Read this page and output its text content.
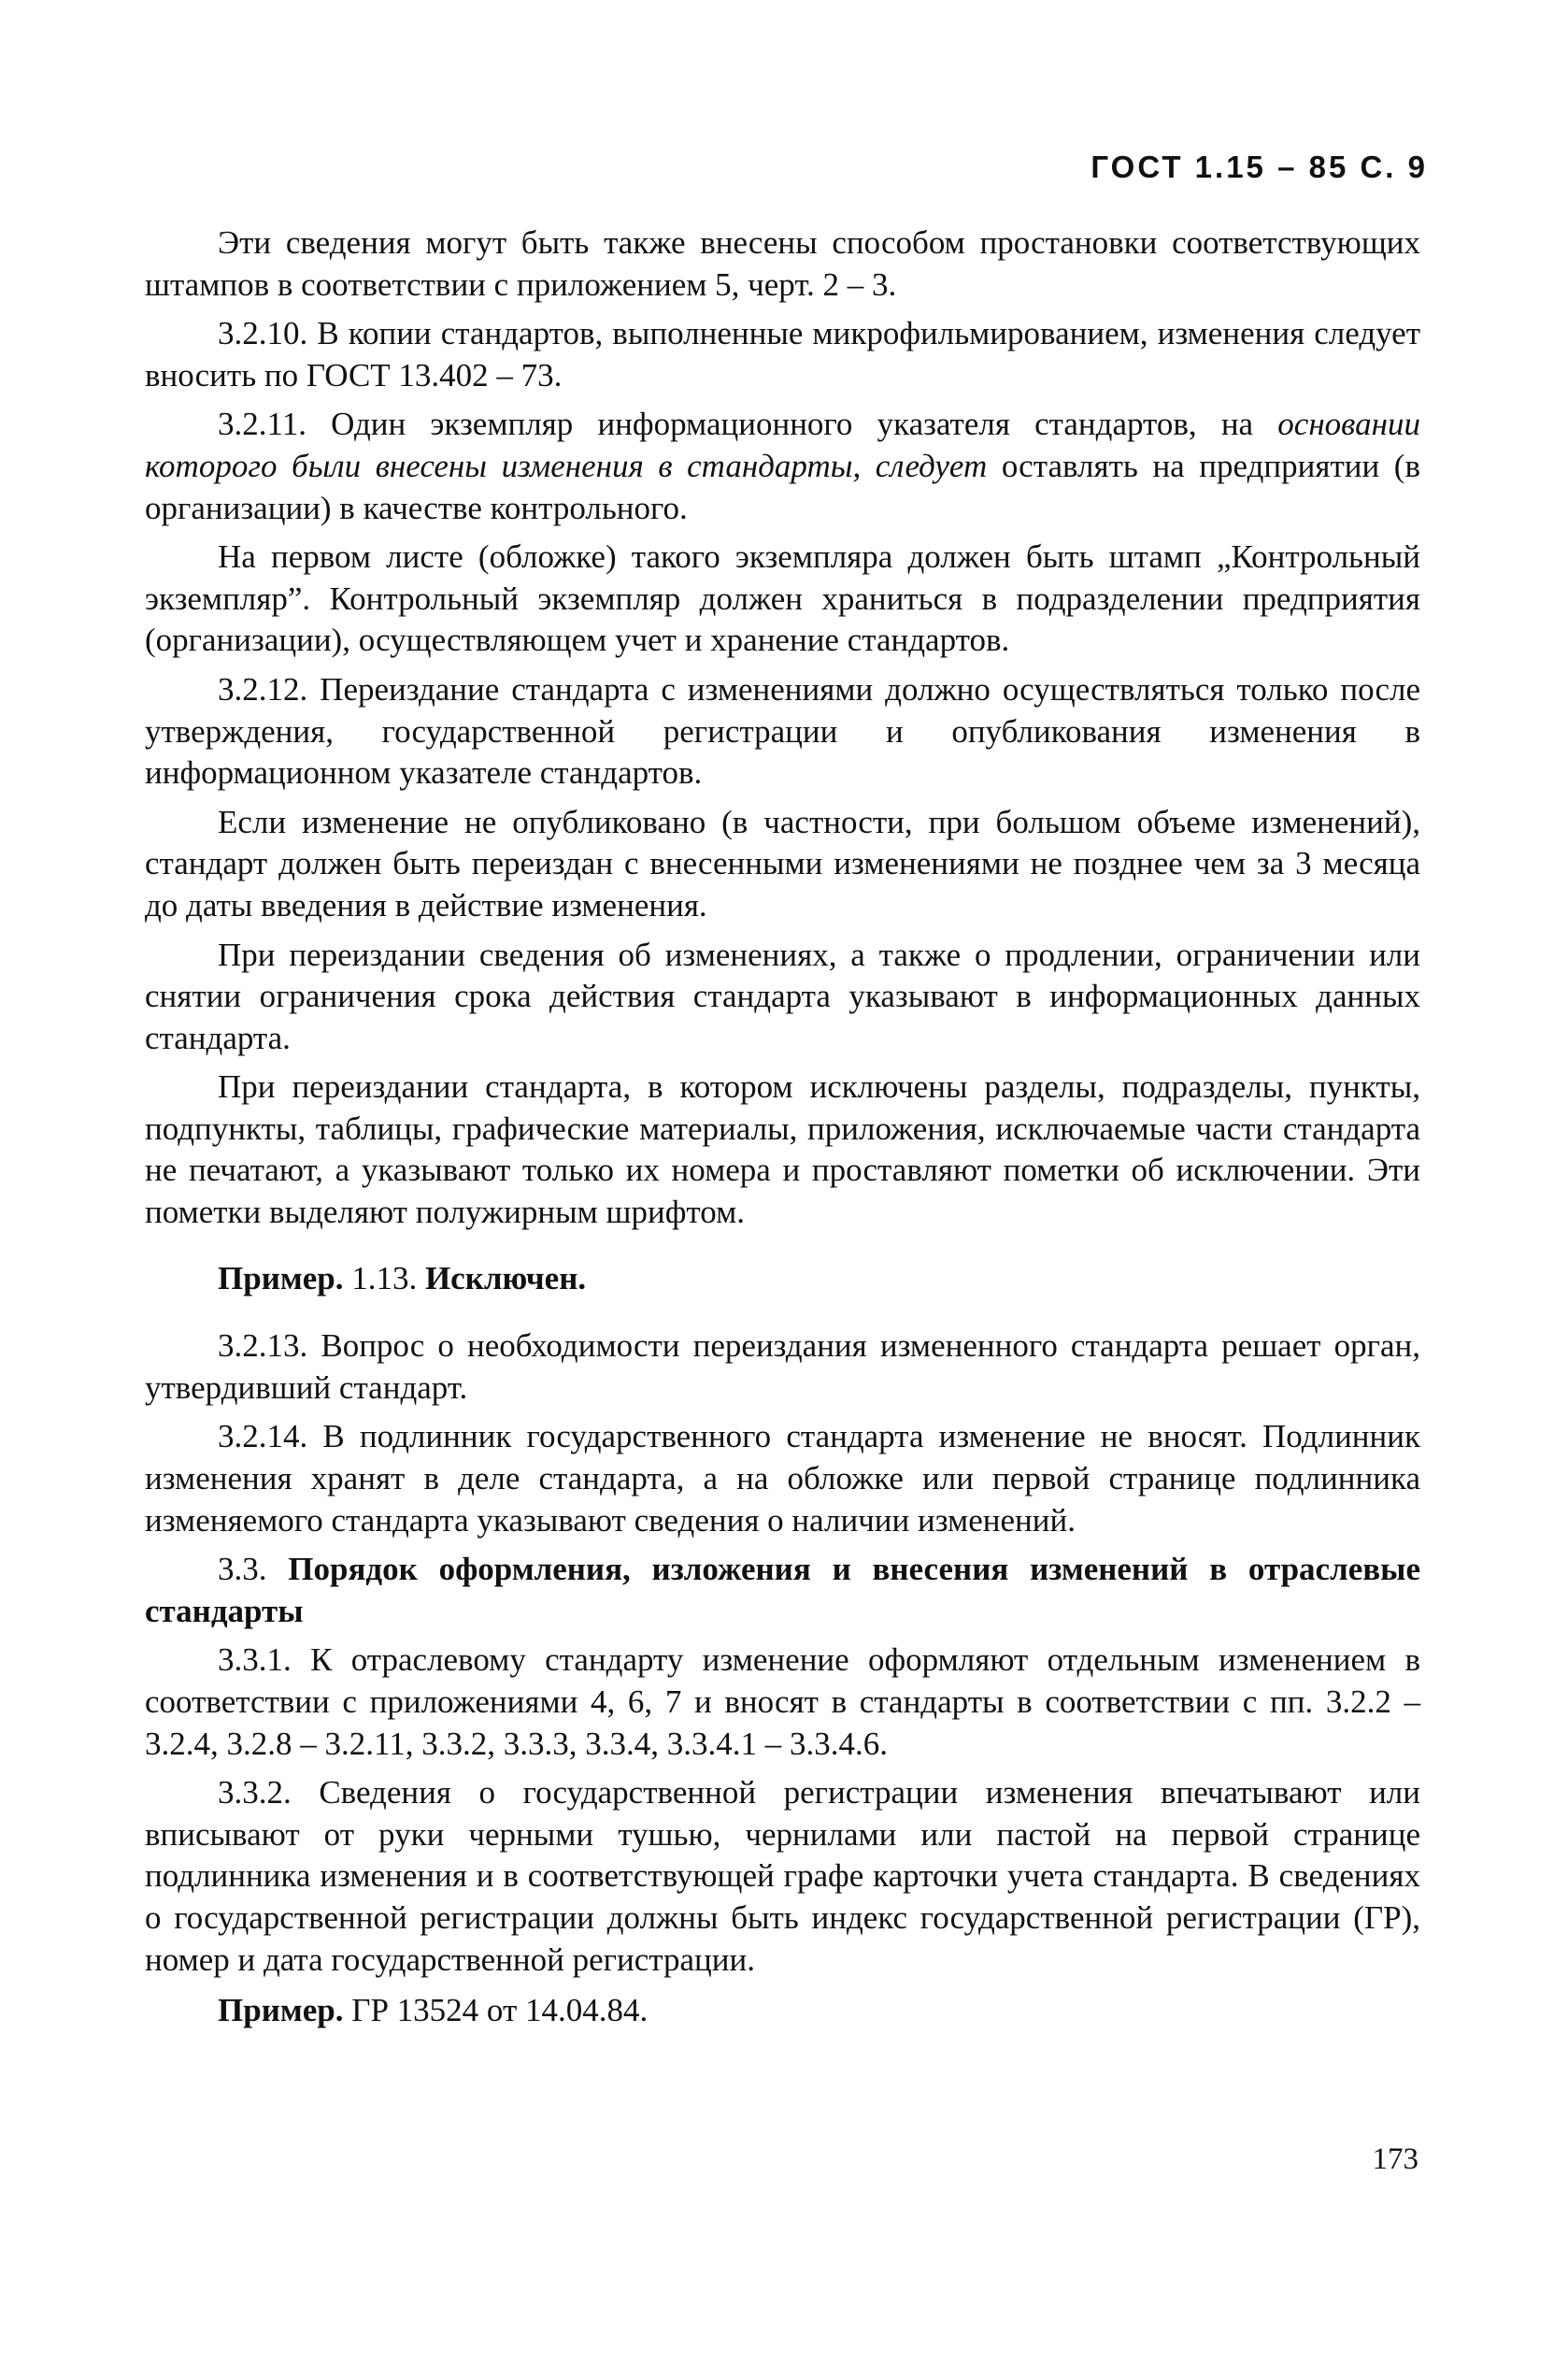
ГОСТ 1.15 – 85 С. 9

Эти сведения могут быть также внесены способом простановки соответствующих штампов в соответствии с приложением 5, черт. 2 – 3.

3.2.10. В копии стандартов, выполненные микрофильмированием, изменения следует вносить по ГОСТ 13.402 – 73.

3.2.11. Один экземпляр информационного указателя стандартов, на основании которого были внесены изменения в стандарты, следует оставлять на предприятии (в организации) в качестве контрольного.

На первом листе (обложке) такого экземпляра должен быть штамп „Контрольный экземпляр”. Контрольный экземпляр должен храниться в подразделении предприятия (организации), осуществляющем учет и хранение стандартов.

3.2.12. Переиздание стандарта с изменениями должно осуществляться только после утверждения, государственной регистрации и опубликования изменения в информационном указателе стандартов.

Если изменение не опубликовано (в частности, при большом объеме изменений), стандарт должен быть переиздан с внесенными изменениями не позднее чем за 3 месяца до даты введения в действие изменения.

При переиздании сведения об изменениях, а также о продлении, ограничении или снятии ограничения срока действия стандарта указывают в информационных данных стандарта.

При переиздании стандарта, в котором исключены разделы, подразделы, пункты, подпункты, таблицы, графические материалы, приложения, исключаемые части стандарта не печатают, а указывают только их номера и проставляют пометки об исключении. Эти пометки выделяют полужирным шрифтом.

Пример. 1.13. Исключен.

3.2.13. Вопрос о необходимости переиздания измененного стандарта решает орган, утвердивший стандарт.

3.2.14. В подлинник государственного стандарта изменение не вносят. Подлинник изменения хранят в деле стандарта, а на обложке или первой странице подлинника изменяемого стандарта указывают сведения о наличии изменений.

3.3. Порядок оформления, изложения и внесения изменений в отраслевые стандарты

3.3.1. К отраслевому стандарту изменение оформляют отдельным изменением в соответствии с приложениями 4, 6, 7 и вносят в стандарты в соответствии с пп. 3.2.2 – 3.2.4, 3.2.8 – 3.2.11, 3.3.2, 3.3.3, 3.3.4, 3.3.4.1 – 3.3.4.6.

3.3.2. Сведения о государственной регистрации изменения впечатывают или вписывают от руки черными тушью, чернилами или пастой на первой странице подлинника изменения и в соответствующей графе карточки учета стандарта. В сведениях о государственной регистрации должны быть индекс государственной регистрации (ГР), номер и дата государственной регистрации.

Пример. ГР 13524 от 14.04.84.

173
